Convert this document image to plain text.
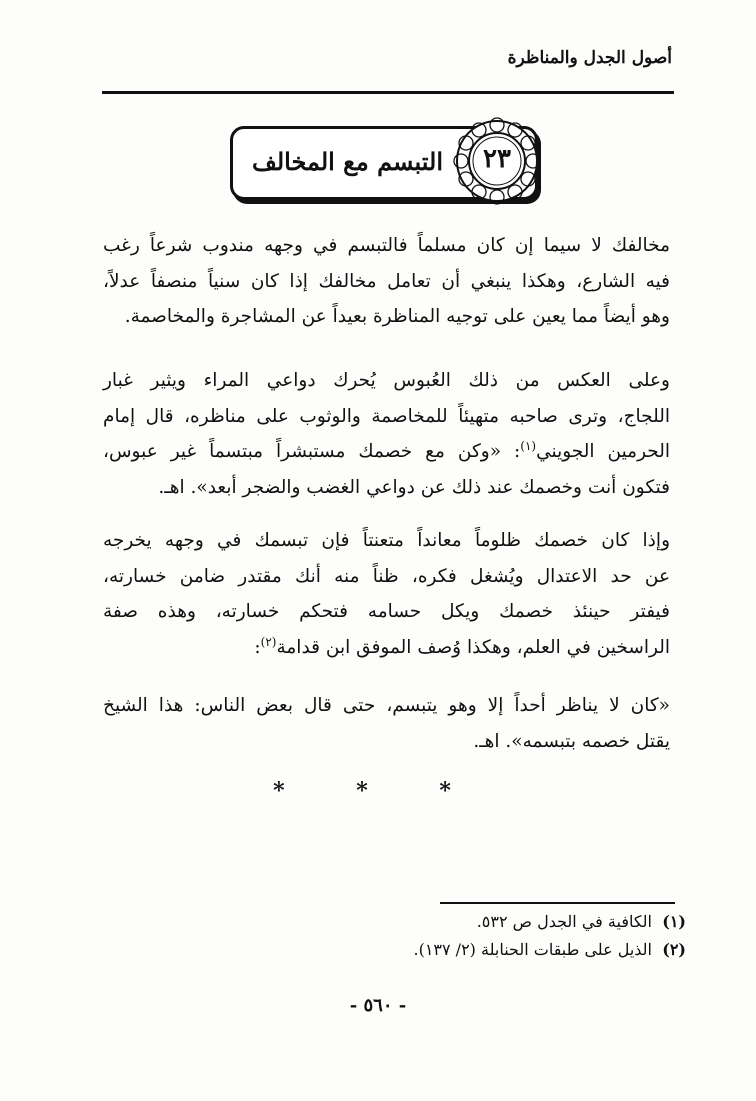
أصول الجدل والمناظرة
التبسم مع المخالف	٢٣
مخالفك لا سيما إن كان مسلماً فالتبسم في وجهه مندوب شرعاً رغب
فيه الشارع، وهكذا ينبغي أن تعامل مخالفك إذا كان سنياً منصفاً عدلاً،
وهو أيضاً مما يعين على توجيه المناظرة بعيداً عن المشاجرة والمخاصمة.
وعلى العكس من ذلك العُبوس يُحرك دواعي المراء ويثير غبار
اللجاج، وترى صاحبه متهيئاً للمخاصمة والوثوب على مناظره، قال إمام
الحرمين الجويني$^{(١)}$: «وكن مع خصمك مستبشراً مبتسماً غير عبوس،
فتكون أنت وخصمك عند ذلك عن دواعي الغضب والضجر أبعد». اهـ.
وإذا كان خصمك ظلوماً معانداً متعنتاً فإن تبسمك في وجهه يخرجه
عن حد الاعتدال ويُشغل فكره، ظناً منه أنك مقتدر ضامن خسارته،
فيفتر حينئذ خصمك ويكل حسامه فتحكم خسارته، وهذه صفة
الراسخين في العلم، وهكذا وُصف الموفق ابن قدامة$^{(٢)}$:
«كان لا يناظر أحداً إلا وهو يتبسم، حتى قال بعض الناس: هذا الشيخ
يقتل خصمه بتبسمه». اهـ.
* * *
(١)الكافية في الجدل ص ٥٣٢.
(٢)الذيل على طبقات الحنابلة (٢/ ١٣٧).
- ٥٦٠ -
